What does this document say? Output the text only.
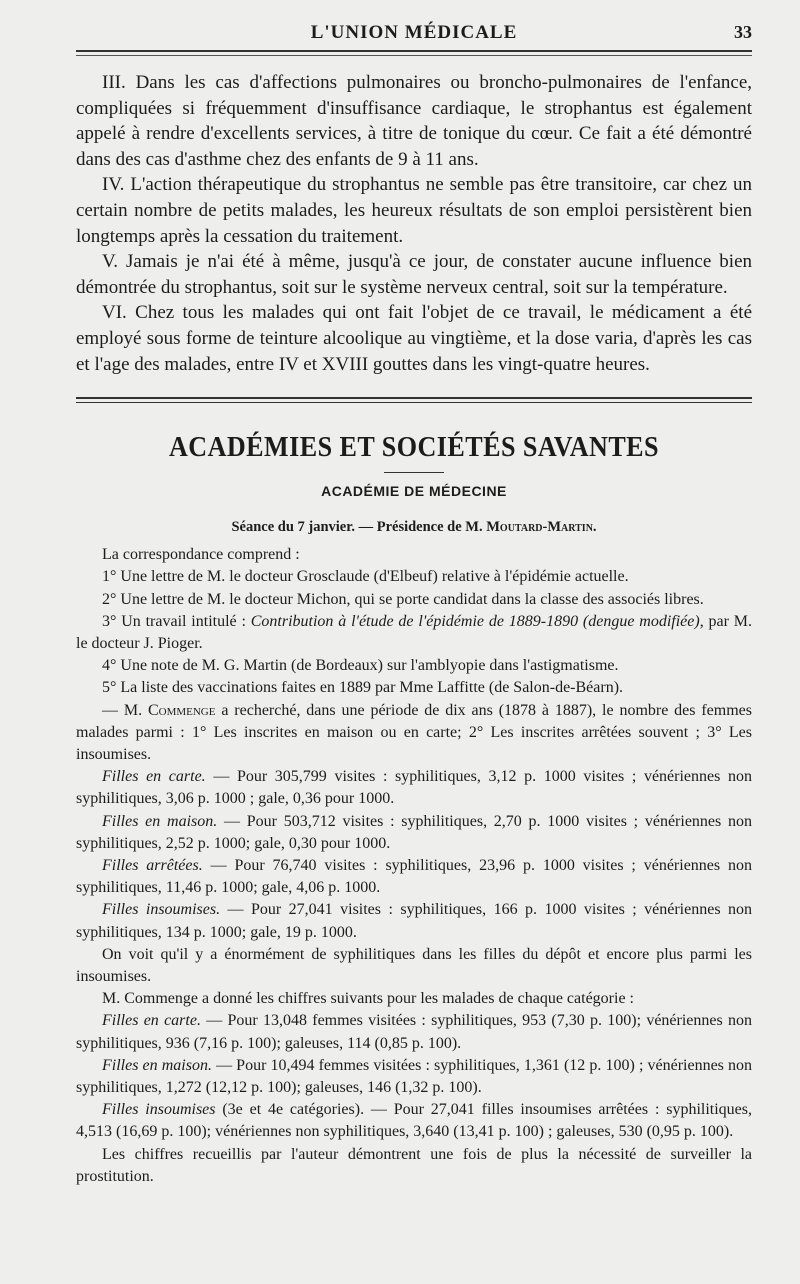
L'UNION MÉDICALE	33

III. Dans les cas d'affections pulmonaires ou broncho-pulmonaires de l'enfance, compliquées si fréquemment d'insuffisance cardiaque, le strophantus est également appelé à rendre d'excellents services, à titre de tonique du cœur. Ce fait a été démontré dans des cas d'asthme chez des enfants de 9 à 11 ans.

IV. L'action thérapeutique du strophantus ne semble pas être transitoire, car chez un certain nombre de petits malades, les heureux résultats de son emploi persistèrent bien longtemps après la cessation du traitement.

V. Jamais je n'ai été à même, jusqu'à ce jour, de constater aucune influence bien démontrée du strophantus, soit sur le système nerveux central, soit sur la température.

VI. Chez tous les malades qui ont fait l'objet de ce travail, le médicament a été employé sous forme de teinture alcoolique au vingtième, et la dose varia, d'après les cas et l'age des malades, entre IV et XVIII gouttes dans les vingt-quatre heures.

ACADÉMIES ET SOCIÉTÉS SAVANTES
ACADÉMIE DE MÉDECINE
Séance du 7 janvier. — Présidence de M. Moutard-Martin.

La correspondance comprend :

1° Une lettre de M. le docteur Grosclaude (d'Elbeuf) relative à l'épidémie actuelle.

2° Une lettre de M. le docteur Michon, qui se porte candidat dans la classe des associés libres.

3° Un travail intitulé : Contribution à l'étude de l'épidémie de 1889-1890 (dengue modifiée), par M. le docteur J. Pioger.

4° Une note de M. G. Martin (de Bordeaux) sur l'amblyopie dans l'astigmatisme.

5° La liste des vaccinations faites en 1889 par Mme Laffitte (de Salon-de-Béarn).

— M. Commenge a recherché, dans une période de dix ans (1878 à 1887), le nombre des femmes malades parmi : 1° Les inscrites en maison ou en carte; 2° Les inscrites arrêtées souvent ; 3° Les insoumises.

Filles en carte. — Pour 305,799 visites : syphilitiques, 3,12 p. 1000 visites ; vénériennes non syphilitiques, 3,06 p. 1000 ; gale, 0,36 pour 1000.

Filles en maison. — Pour 503,712 visites : syphilitiques, 2,70 p. 1000 visites ; vénériennes non syphilitiques, 2,52 p. 1000; gale, 0,30 pour 1000.

Filles arrêtées. — Pour 76,740 visites : syphilitiques, 23,96 p. 1000 visites ; vénériennes non syphilitiques, 11,46 p. 1000; gale, 4,06 p. 1000.

Filles insoumises. — Pour 27,041 visites : syphilitiques, 166 p. 1000 visites ; vénériennes non syphilitiques, 134 p. 1000; gale, 19 p. 1000.

On voit qu'il y a énormément de syphilitiques dans les filles du dépôt et encore plus parmi les insoumises.

M. Commenge a donné les chiffres suivants pour les malades de chaque catégorie :

Filles en carte. — Pour 13,048 femmes visitées : syphilitiques, 953 (7,30 p. 100); vénériennes non syphilitiques, 936 (7,16 p. 100); galeuses, 114 (0,85 p. 100).

Filles en maison. — Pour 10,494 femmes visitées : syphilitiques, 1,361 (12 p. 100) ; vénériennes non syphilitiques, 1,272 (12,12 p. 100); galeuses, 146 (1,32 p. 100).

Filles insoumises (3e et 4e catégories). — Pour 27,041 filles insoumises arrêtées : syphilitiques, 4,513 (16,69 p. 100); vénériennes non syphilitiques, 3,640 (13,41 p. 100) ; galeuses, 530 (0,95 p. 100).

Les chiffres recueillis par l'auteur démontrent une fois de plus la nécessité de surveiller la prostitution.
